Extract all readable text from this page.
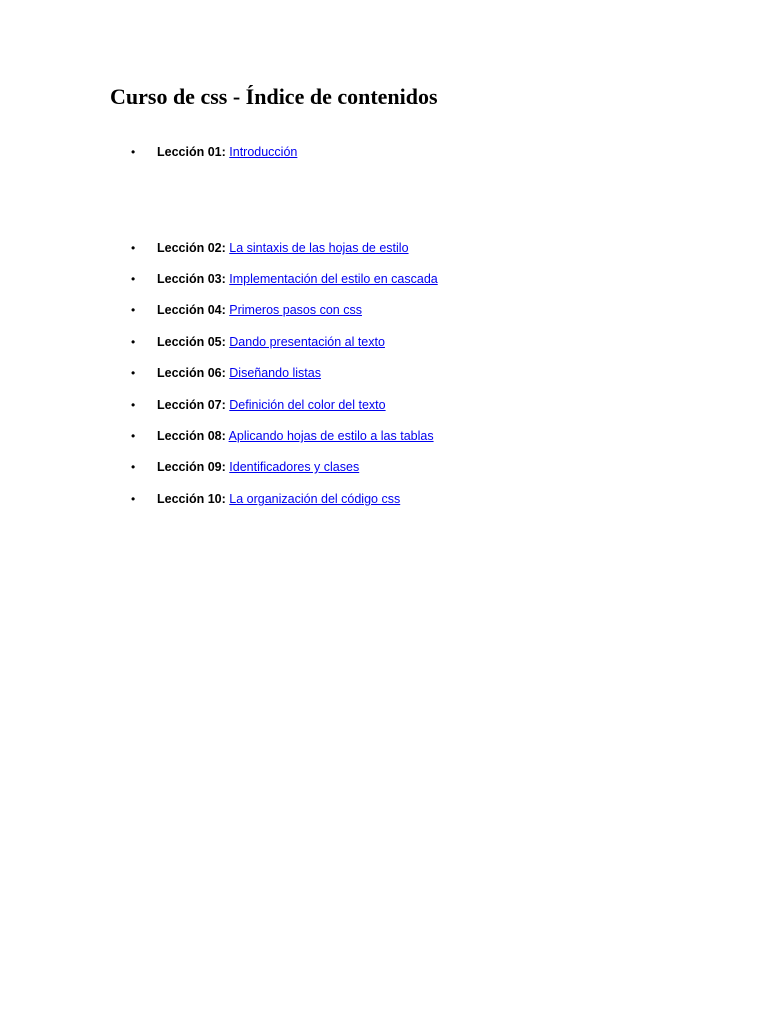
Curso de css - Índice de contenidos
• Lección 01: Introducción
• Lección 02: La sintaxis de las hojas de estilo
• Lección 03: Implementación del estilo en cascada
• Lección 04: Primeros pasos con css
• Lección 05: Dando presentación al texto
• Lección 06: Diseñando listas
• Lección 07: Definición del color del texto
• Lección 08: Aplicando hojas de estilo a las tablas
• Lección 09: Identificadores y clases
• Lección 10: La organización del código css
